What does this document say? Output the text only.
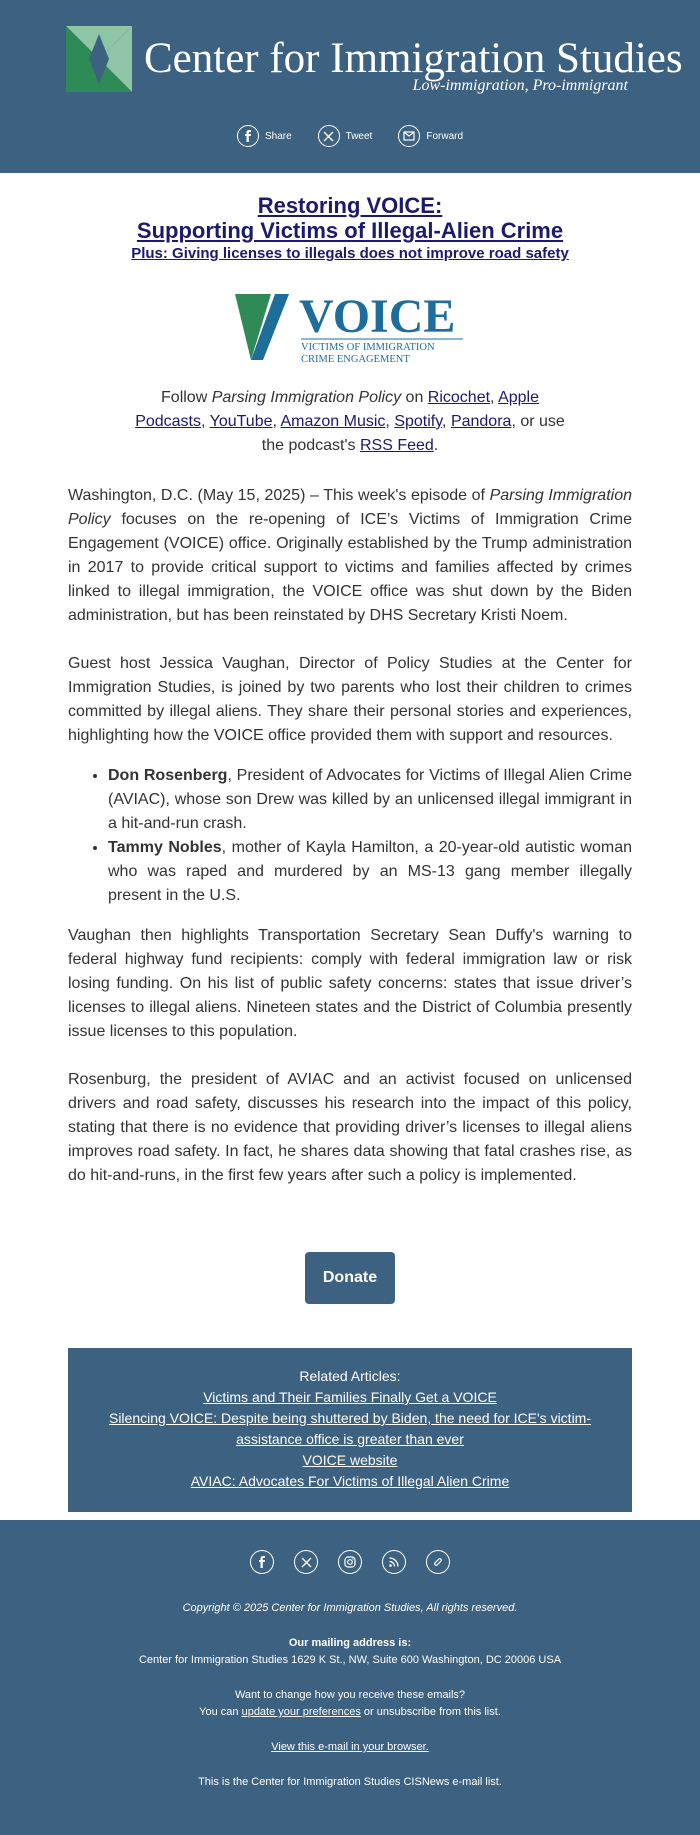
Center for Immigration Studies
Low-immigration, Pro-immigrant
Share	Tweet	Forward
Restoring VOICE:
Supporting Victims of Illegal-Alien Crime
Plus: Giving licenses to illegals does not improve road safety
VOICE
VICTIMS OF IMMIGRATION
CRIME ENGAGEMENT
Follow Parsing Immigration Policy on Ricochet, Apple Podcasts, YouTube, Amazon Music, Spotify, Pandora, or use the podcast's RSS Feed.

Washington, D.C. (May 15, 2025) – This week's episode of Parsing Immigration Policy focuses on the re-opening of ICE’s Victims of Immigration Crime Engagement (VOICE) office. Originally established by the Trump administration in 2017 to provide critical support to victims and families affected by crimes linked to illegal immigration, the VOICE office was shut down by the Biden administration, but has been reinstated by DHS Secretary Kristi Noem.

Guest host Jessica Vaughan, Director of Policy Studies at the Center for Immigration Studies, is joined by two parents who lost their children to crimes committed by illegal aliens. They share their personal stories and experiences, highlighting how the VOICE office provided them with support and resources.

• Don Rosenberg, President of Advocates for Victims of Illegal Alien Crime (AVIAC), whose son Drew was killed by an unlicensed illegal immigrant in a hit-and-run crash.
• Tammy Nobles, mother of Kayla Hamilton, a 20-year-old autistic woman who was raped and murdered by an MS-13 gang member illegally present in the U.S.

Vaughan then highlights Transportation Secretary Sean Duffy's warning to federal highway fund recipients: comply with federal immigration law or risk losing funding. On his list of public safety concerns: states that issue driver’s licenses to illegal aliens. Nineteen states and the District of Columbia presently issue licenses to this population.

Rosenburg, the president of AVIAC and an activist focused on unlicensed drivers and road safety, discusses his research into the impact of this policy, stating that there is no evidence that providing driver’s licenses to illegal aliens improves road safety. In fact, he shares data showing that fatal crashes rise, as do hit-and-runs, in the first few years after such a policy is implemented.

Donate
Related Articles:
Victims and Their Families Finally Get a VOICE
Silencing VOICE: Despite being shuttered by Biden, the need for ICE's victim-assistance office is greater than ever
VOICE website
AVIAC: Advocates For Victims of Illegal Alien Crime
Copyright © 2025 Center for Immigration Studies, All rights reserved.
Our mailing address is:
Center for Immigration Studies 1629 K St., NW, Suite 600 Washington, DC 20006 USA
Want to change how you receive these emails?
You can update your preferences or unsubscribe from this list.
View this e-mail in your browser.
This is the Center for Immigration Studies CISNews e-mail list.
